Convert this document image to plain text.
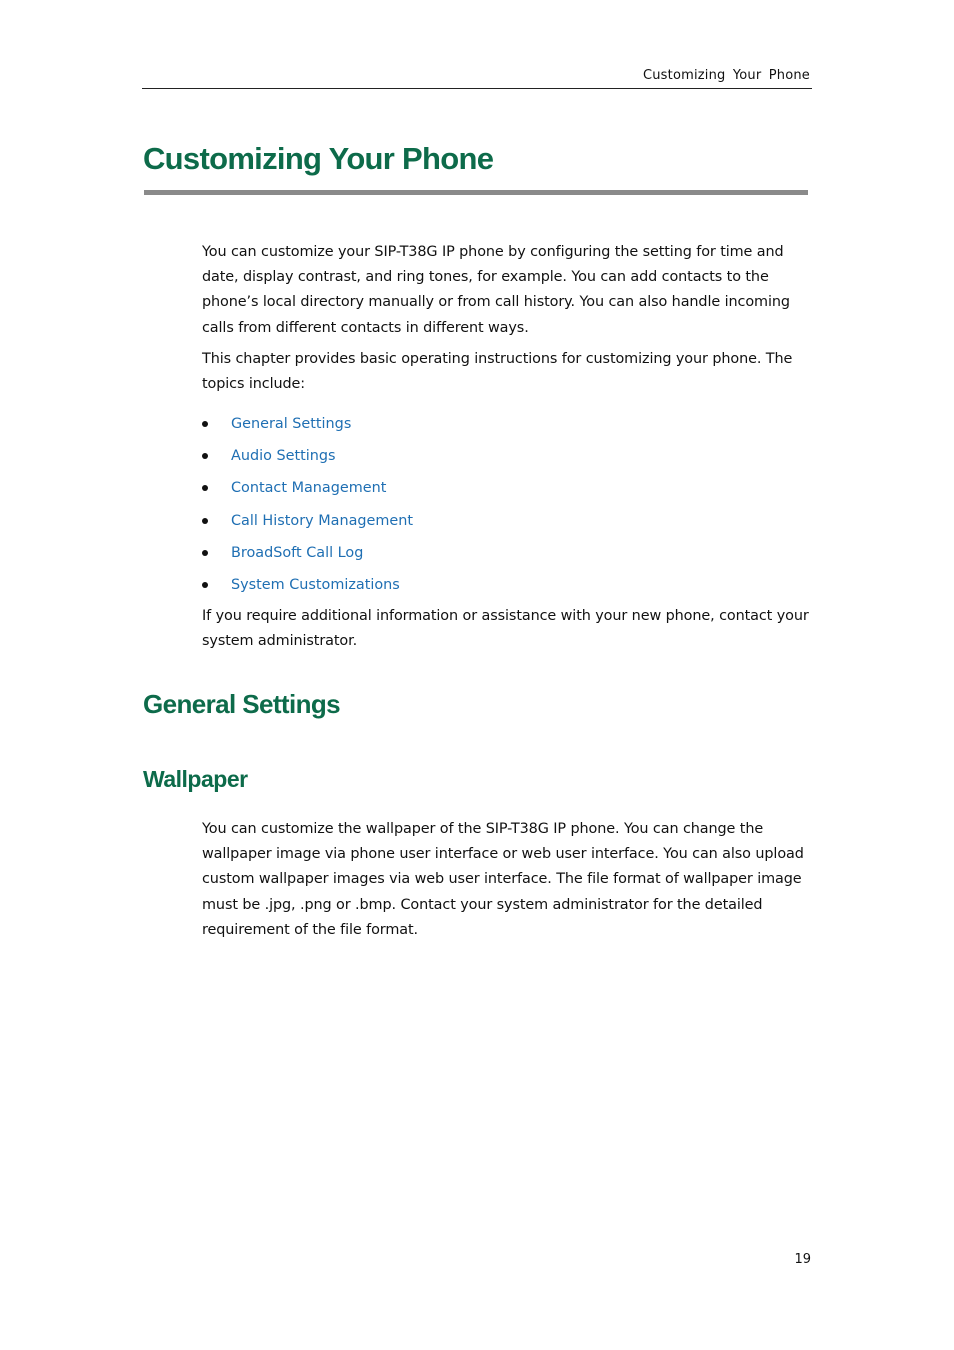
Customizing Your Phone
Customizing Your Phone

You can customize your SIP-T38G IP phone by configuring the setting for time and date, display contrast, and ring tones, for example. You can add contacts to the phone’s local directory manually or from call history. You can also handle incoming calls from different contacts in different ways.

This chapter provides basic operating instructions for customizing your phone. The topics include:

General Settings
Audio Settings
Contact Management
Call History Management
BroadSoft Call Log
System Customizations

If you require additional information or assistance with your new phone, contact your system administrator.

General Settings
Wallpaper

You can customize the wallpaper of the SIP-T38G IP phone. You can change the wallpaper image via phone user interface or web user interface. You can also upload custom wallpaper images via web user interface. The file format of wallpaper image must be .jpg, .png or .bmp. Contact your system administrator for the detailed requirement of the file format.

19
